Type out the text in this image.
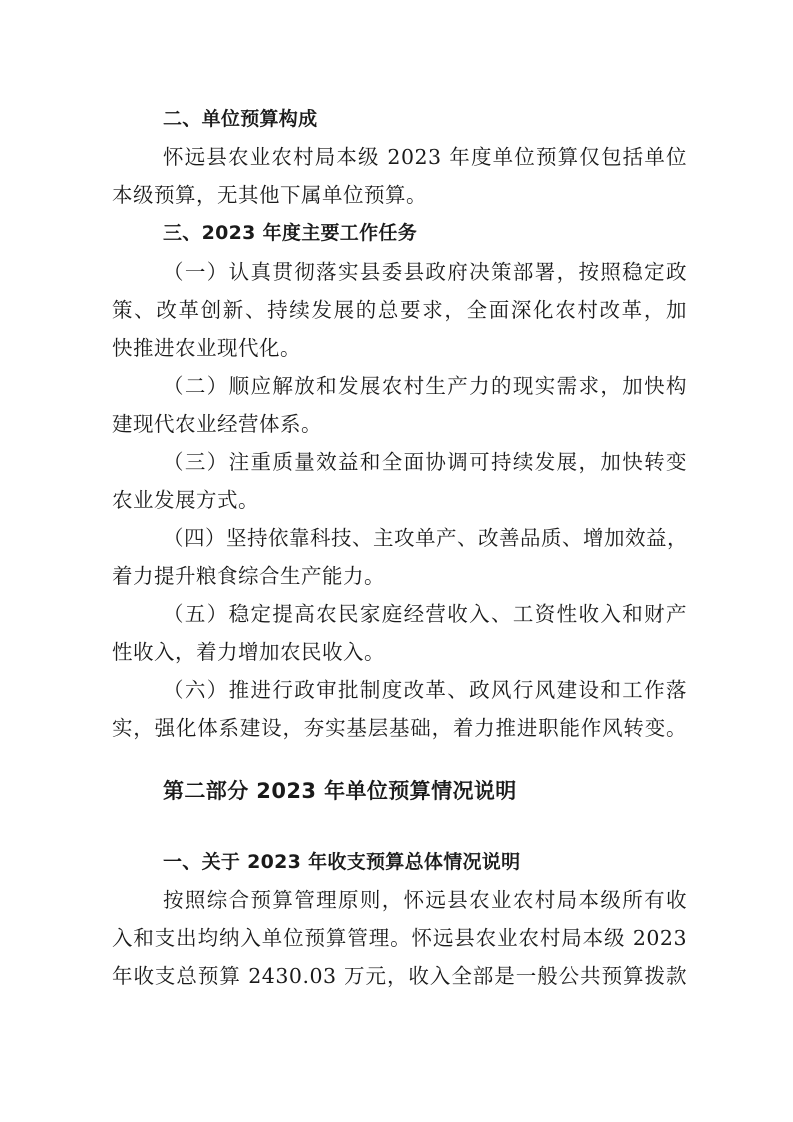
二、单位预算构成
怀远县农业农村局本级 2023 年度单位预算仅包括单位
本级预算，无其他下属单位预算。
三、2023 年度主要工作任务
（一）认真贯彻落实县委县政府决策部署，按照稳定政
策、改革创新、持续发展的总要求，全面深化农村改革，加
快推进农业现代化。
（二）顺应解放和发展农村生产力的现实需求，加快构
建现代农业经营体系。
（三）注重质量效益和全面协调可持续发展，加快转变
农业发展方式。
（四）坚持依靠科技、主攻单产、改善品质、增加效益，
着力提升粮食综合生产能力。
（五）稳定提高农民家庭经营收入、工资性收入和财产
性收入，着力增加农民收入。
（六）推进行政审批制度改革、政风行风建设和工作落
实，强化体系建设，夯实基层基础，着力推进职能作风转变。
第二部分 2023 年单位预算情况说明
一、关于 2023 年收支预算总体情况说明
按照综合预算管理原则，怀远县农业农村局本级所有收
入和支出均纳入单位预算管理。怀远县农业农村局本级 2023
年收支总预算 2430.03 万元，收入全部是一般公共预算拨款
